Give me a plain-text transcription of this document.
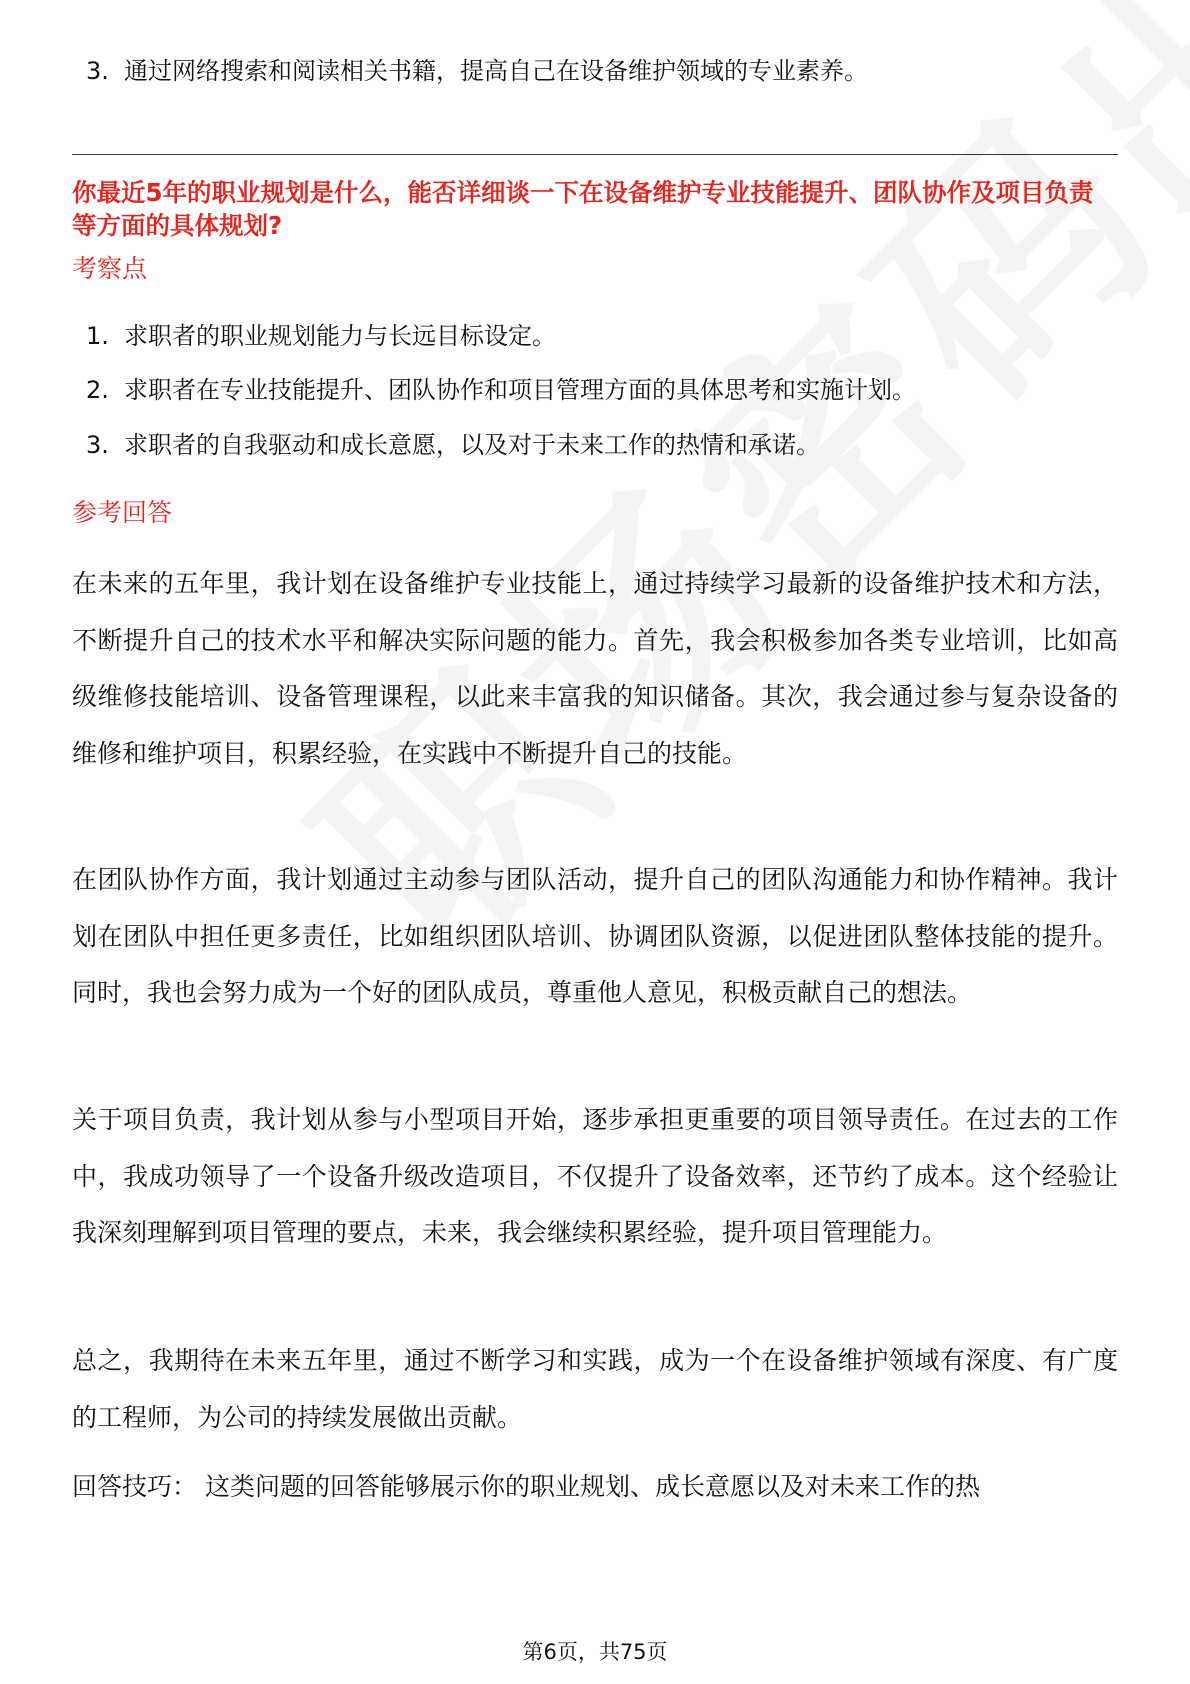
3. 通过网络搜索和阅读相关书籍，提高自己在设备维护领域的专业素养。
你最近5年的职业规划是什么，能否详细谈一下在设备维护专业技能提升、团队协作及项目负责等方面的具体规划?
考察点
1. 求职者的职业规划能力与长远目标设定。
2. 求职者在专业技能提升、团队协作和项目管理方面的具体思考和实施计划。
3. 求职者的自我驱动和成长意愿，以及对于未来工作的热情和承诺。
参考回答
在未来的五年里，我计划在设备维护专业技能上，通过持续学习最新的设备维护技术和方法，不断提升自己的技术水平和解决实际问题的能力。首先，我会积极参加各类专业培训，比如高级维修技能培训、设备管理课程，以此来丰富我的知识储备。其次，我会通过参与复杂设备的维修和维护项目，积累经验，在实践中不断提升自己的技能。
在团队协作方面，我计划通过主动参与团队活动，提升自己的团队沟通能力和协作精神。我计划在团队中担任更多责任，比如组织团队培训、协调团队资源，以促进团队整体技能的提升。同时，我也会努力成为一个好的团队成员，尊重他人意见，积极贡献自己的想法。
关于项目负责，我计划从参与小型项目开始，逐步承担更重要的项目领导责任。在过去的工作中，我成功领导了一个设备升级改造项目，不仅提升了设备效率，还节约了成本。这个经验让我深刻理解到项目管理的要点，未来，我会继续积累经验，提升项目管理能力。
总之，我期待在未来五年里，通过不断学习和实践，成为一个在设备维护领域有深度、有广度的工程师，为公司的持续发展做出贡献。
回答技巧： 这类问题的回答能够展示你的职业规划、成长意愿以及对未来工作的热
第6页，共75页
